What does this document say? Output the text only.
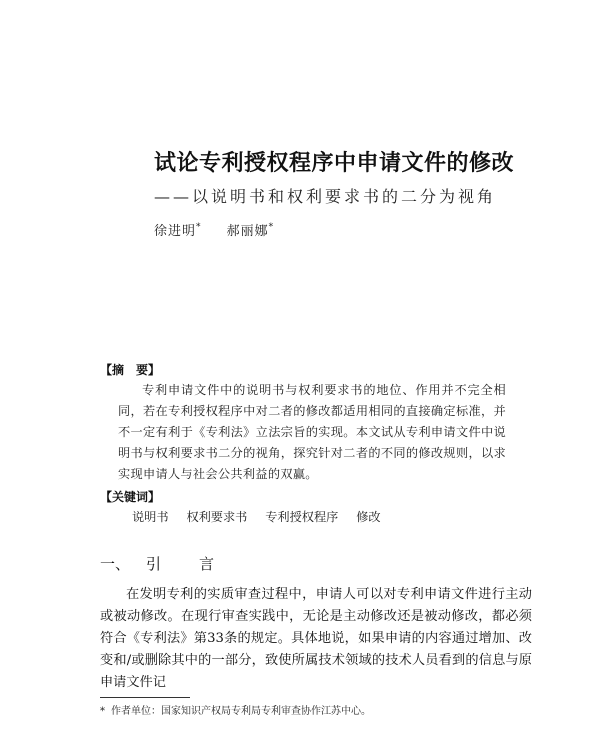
试论专利授权程序中申请文件的修改
——以说明书和权利要求书的二分为视角
徐进明* 郝丽娜*
【摘　要】

专利申请文件中的说明书与权利要求书的地位、作用并不完全相同，若在专利授权程序中对二者的修改都适用相同的直接确定标准，并不一定有利于《专利法》立法宗旨的实现。本文试从专利申请文件中说明书与权利要求书二分的视角，探究针对二者的不同的修改规则，以求实现申请人与社会公共利益的双赢。

【关键词】
说明书 权利要求书 专利授权程序 修改
一、 引言

在发明专利的实质审查过程中，申请人可以对专利申请文件进行主动或被动修改。在现行审查实践中，无论是主动修改还是被动修改，都必须符合《专利法》第33条的规定。具体地说，如果申请的内容通过增加、改变和/或删除其中的一部分，致使所属技术领域的技术人员看到的信息与原申请文件记

* 作者单位：国家知识产权局专利局专利审查协作江苏中心。
